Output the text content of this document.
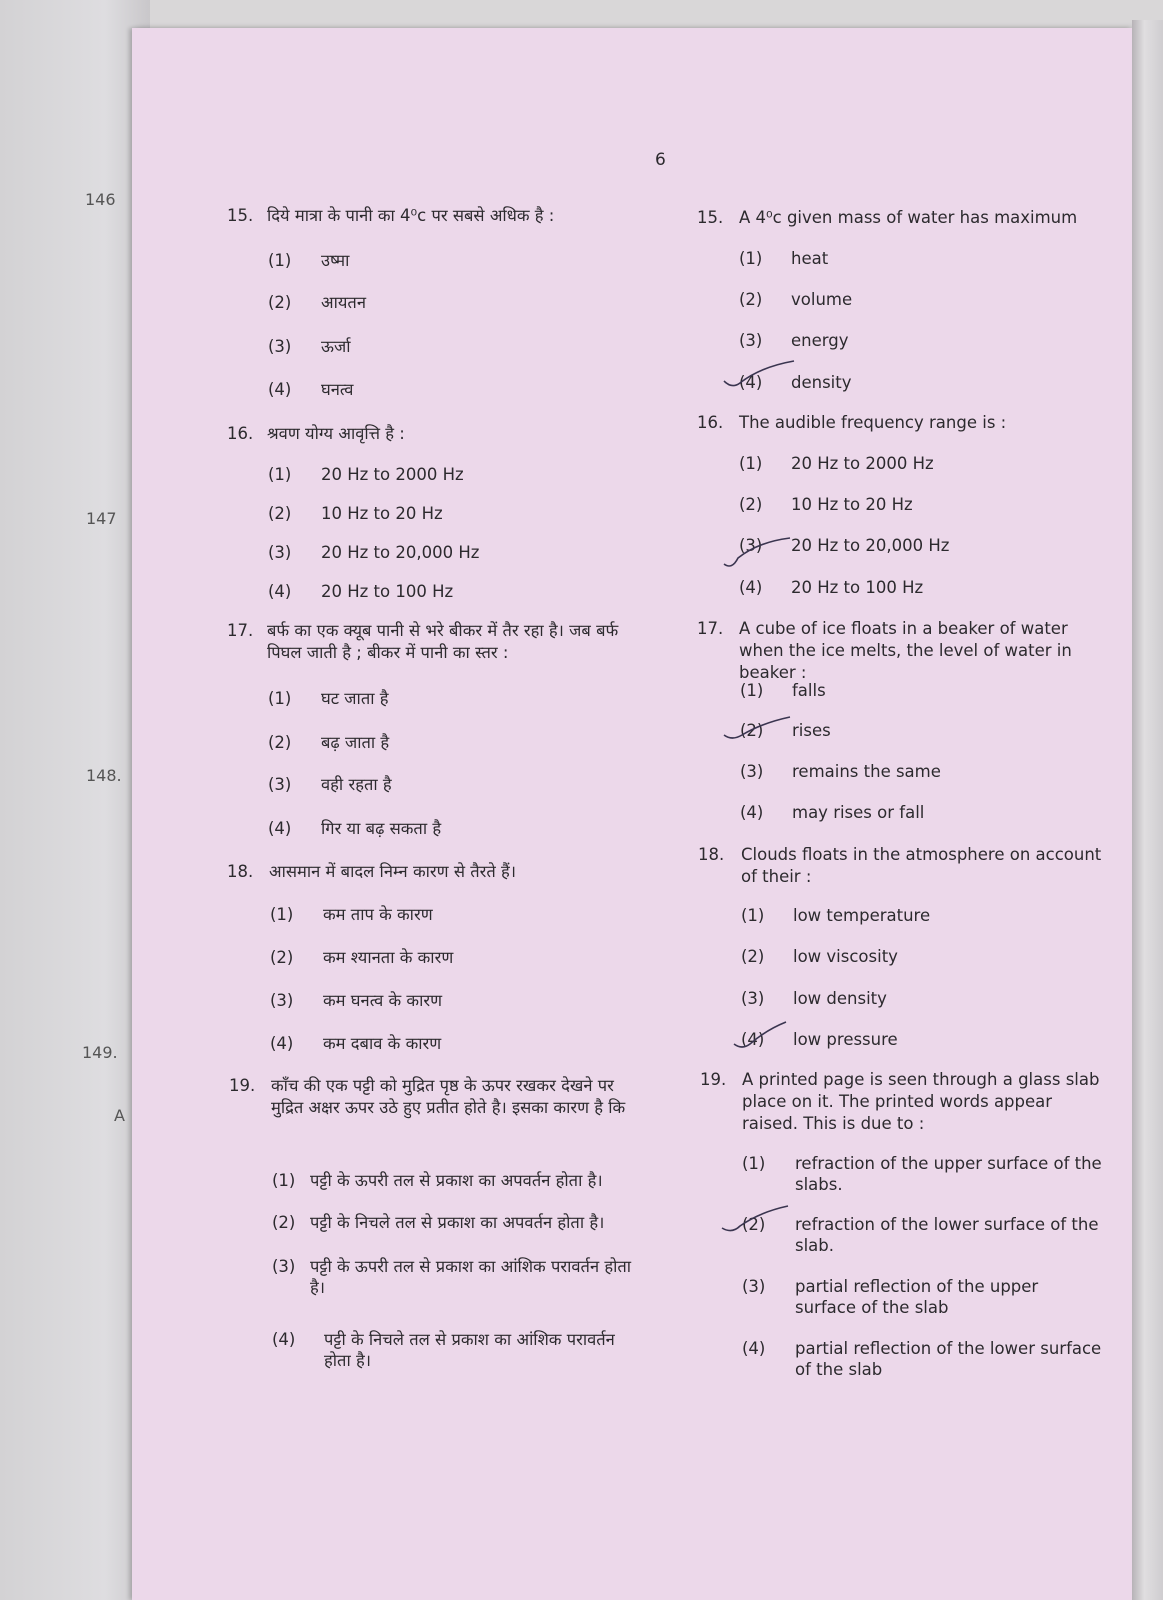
146
147
148.
149.
A
6
15. दिये मात्रा के पानी का 4⁰c पर सबसे अधिक है :
(1) उष्मा
(2) आयतन
(3) ऊर्जा
(4) घनत्व
16. श्रवण योग्य आवृत्ति है :
(1) 20 Hz to 2000 Hz
(2) 10 Hz to 20 Hz
(3) 20 Hz to 20,000 Hz
(4) 20 Hz to 100 Hz
17. बर्फ का एक क्यूब पानी से भरे बीकर में तैर रहा है। जब बर्फ पिघल जाती है ; बीकर में पानी का स्तर :
(1) घट जाता है
(2) बढ़ जाता है
(3) वही रहता है
(4) गिर या बढ़ सकता है
18. आसमान में बादल निम्न कारण से तैरते हैं।
(1) कम ताप के कारण
(2) कम श्यानता के कारण
(3) कम घनत्व के कारण
(4) कम दबाव के कारण
19. काँच की एक पट्टी को मुद्रित पृष्ठ के ऊपर रखकर देखने पर मुद्रित अक्षर ऊपर उठे हुए प्रतीत होते है। इसका कारण है कि
(1) पट्टी के ऊपरी तल से प्रकाश का अपवर्तन होता है।
(2) पट्टी के निचले तल से प्रकाश का अपवर्तन होता है।
(3) पट्टी के ऊपरी तल से प्रकाश का आंशिक परावर्तन होता है।
(4) पट्टी के निचले तल से प्रकाश का आंशिक परावर्तन होता है।
15. A 4⁰c given mass of water has maximum
(1) heat
(2) volume
(3) energy
(4) density
16. The audible frequency range is :
(1) 20 Hz to 2000 Hz
(2) 10 Hz to 20 Hz
(3) 20 Hz to 20,000 Hz
(4) 20 Hz to 100 Hz
17. A cube of ice floats in a beaker of water when the ice melts, the level of water in beaker :
(1) falls
(2) rises
(3) remains the same
(4) may rises or fall
18. Clouds floats in the atmosphere on account of their :
(1) low temperature
(2) low viscosity
(3) low density
(4) low pressure
19. A printed page is seen through a glass slab place on it. The printed words appear raised. This is due to :
(1) refraction of the upper surface of the slabs.
(2) refraction of the lower surface of the slab.
(3) partial reflection of the upper surface of the slab
(4) partial reflection of the lower surface of the slab
